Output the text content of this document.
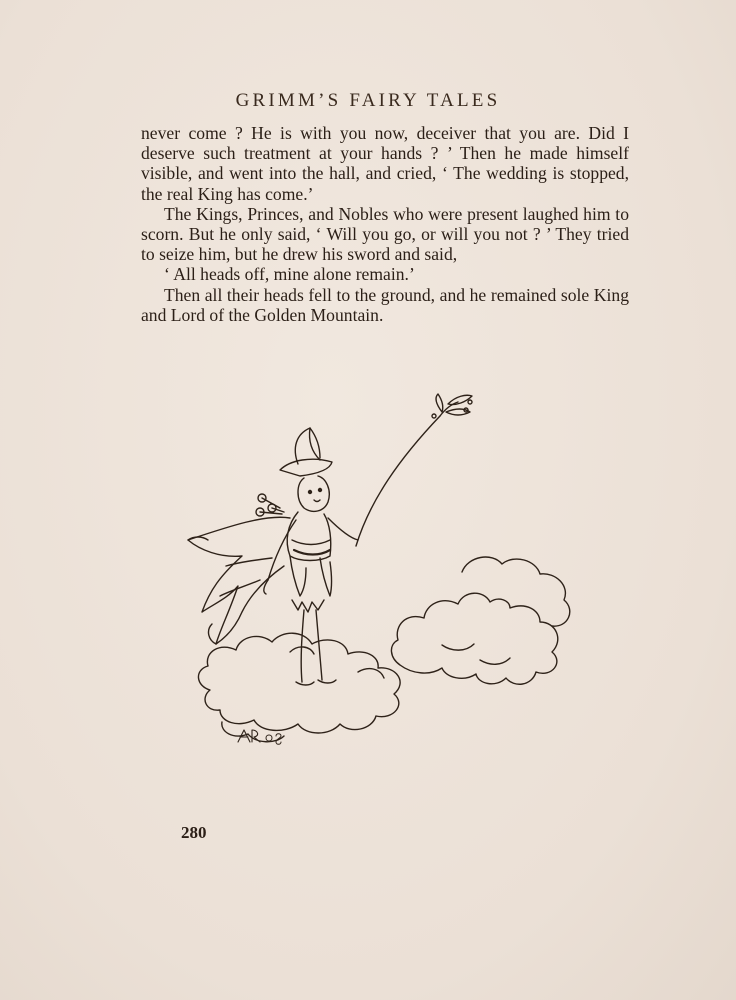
GRIMM’S FAIRY TALES

never come ? He is with you now, deceiver that you are. Did I deserve such treatment at your hands ? ’ Then he made himself visible, and went into the hall, and cried, ‘ The wedding is stopped, the real King has come.’

The Kings, Princes, and Nobles who were present laughed him to scorn. But he only said, ‘ Will you go, or will you not ? ’ They tried to seize him, but he drew his sword and said,

‘ All heads off, mine alone remain.’

Then all their heads fell to the ground, and he remained sole King and Lord of the Golden Mountain.

280
